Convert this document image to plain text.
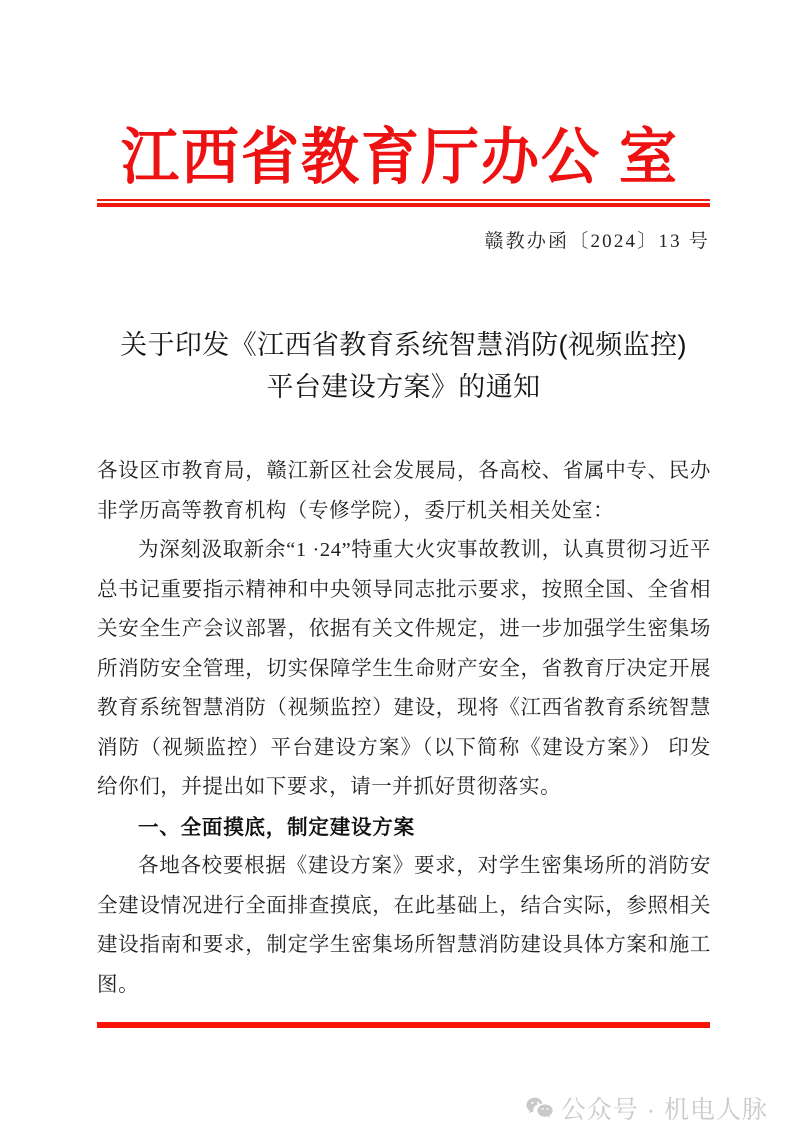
江西省教育厅办公 室
赣教办函〔2024〕13 号
关于印发《江西省教育系统智慧消防(视频监控)
平台建设方案》的通知

各设区市教育局，赣江新区社会发展局，各高校、省属中专、民办非学历高等教育机构（专修学院），委厅机关相关处室：

为深刻汲取新余“1 ·24”特重大火灾事故教训，认真贯彻习近平总书记重要指示精神和中央领导同志批示要求，按照全国、全省相关安全生产会议部署，依据有关文件规定，进一步加强学生密集场所消防安全管理，切实保障学生生命财产安全，省教育厅决定开展教育系统智慧消防（视频监控）建设，现将《江西省教育系统智慧消防（视频监控）平台建设方案》（以下简称《建设方案》） 印发给你们，并提出如下要求，请一并抓好贯彻落实。

一、全面摸底，制定建设方案

各地各校要根据《建设方案》要求，对学生密集场所的消防安全建设情况进行全面排查摸底，在此基础上，结合实际，参照相关建设指南和要求，制定学生密集场所智慧消防建设具体方案和施工图。

公众号 · 机电人脉
